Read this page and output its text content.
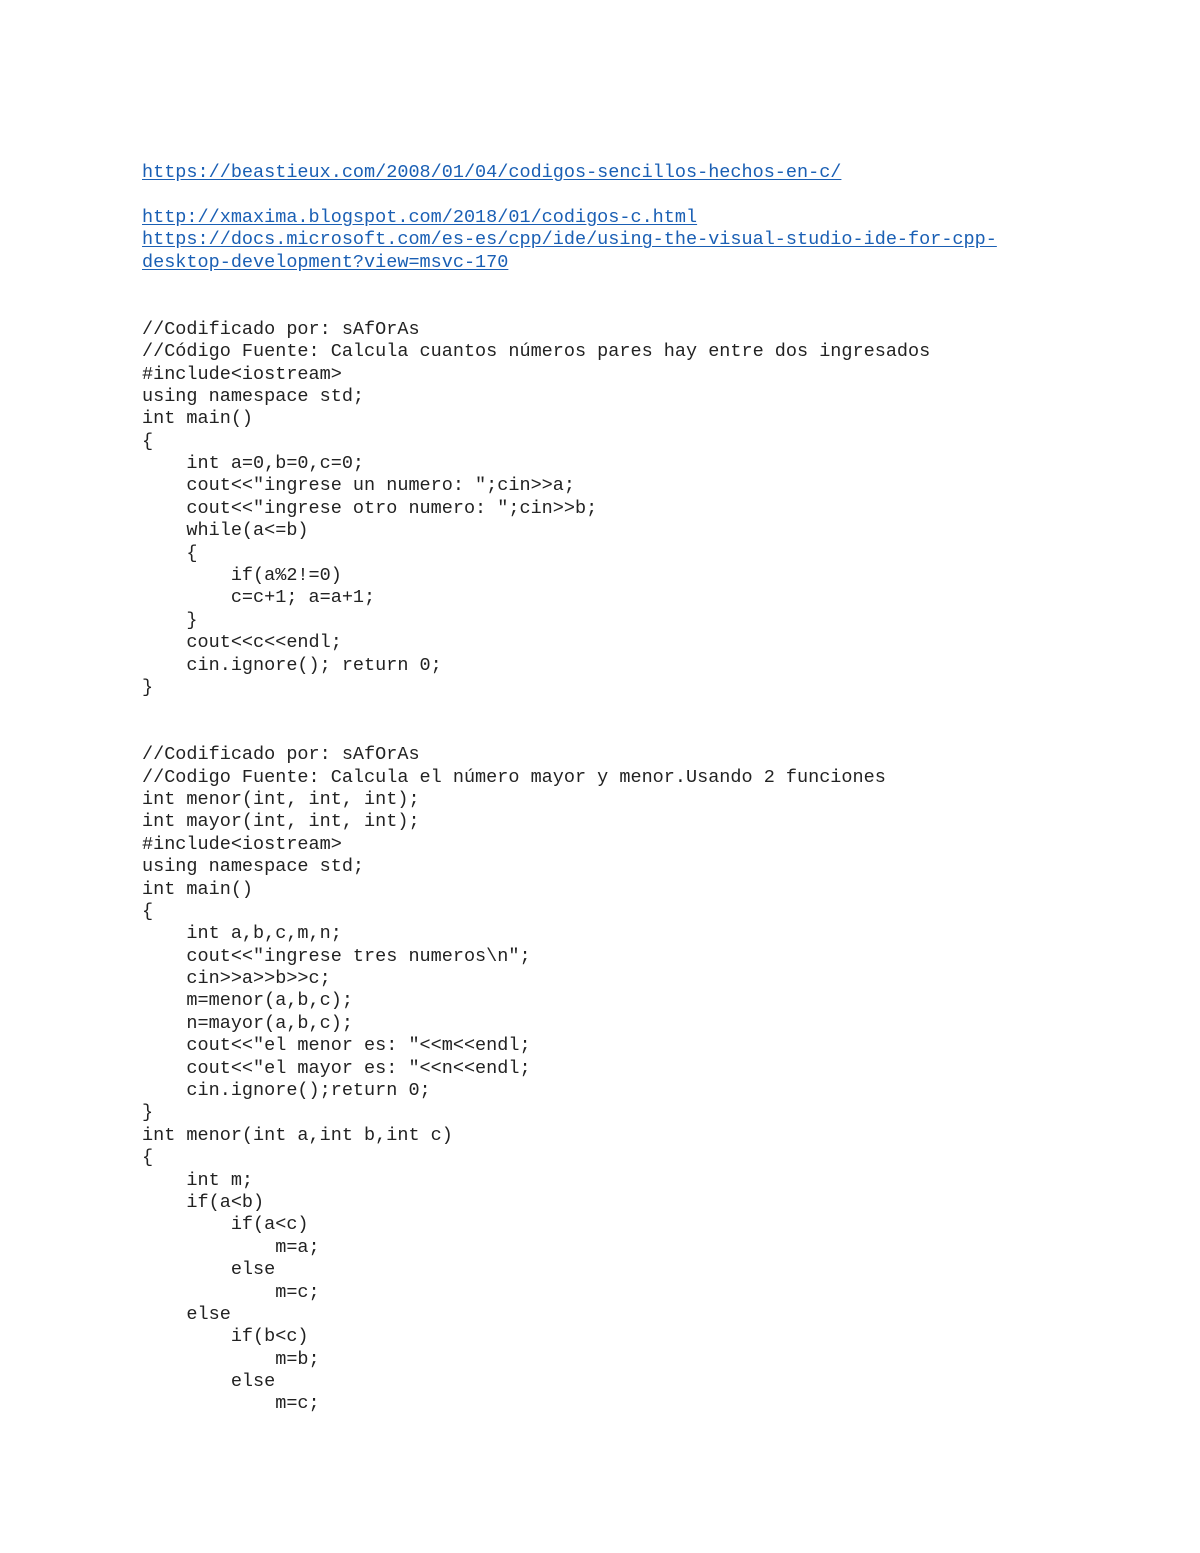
https://beastieux.com/2008/01/04/codigos-sencillos-hechos-en-c/
http://xmaxima.blogspot.com/2018/01/codigos-c.html
https://docs.microsoft.com/es-es/cpp/ide/using-the-visual-studio-ide-for-cpp-
desktop-development?view=msvc-170
//Codificado por: sAfOrAs
//Código Fuente: Calcula cuantos números pares hay entre dos ingresados
#include<iostream>
using namespace std;
int main()
{
int a=0,b=0,c=0;
cout<<"ingrese un numero: ";cin>>a;
cout<<"ingrese otro numero: ";cin>>b;
while(a<=b)
{
if(a%2!=0)
c=c+1; a=a+1;
}
cout<<c<<endl;
cin.ignore(); return 0;
}
//Codificado por: sAfOrAs
//Codigo Fuente: Calcula el número mayor y menor.Usando 2 funciones
int menor(int, int, int);
int mayor(int, int, int);
#include<iostream>
using namespace std;
int main()
{
int a,b,c,m,n;
cout<<"ingrese tres numeros\n";
cin>>a>>b>>c;
m=menor(a,b,c);
n=mayor(a,b,c);
cout<<"el menor es: "<<m<<endl;
cout<<"el mayor es: "<<n<<endl;
cin.ignore();return 0;
}
int menor(int a,int b,int c)
{
int m;
if(a<b)
if(a<c)
m=a;
else
m=c;
else
if(b<c)
m=b;
else
m=c;
